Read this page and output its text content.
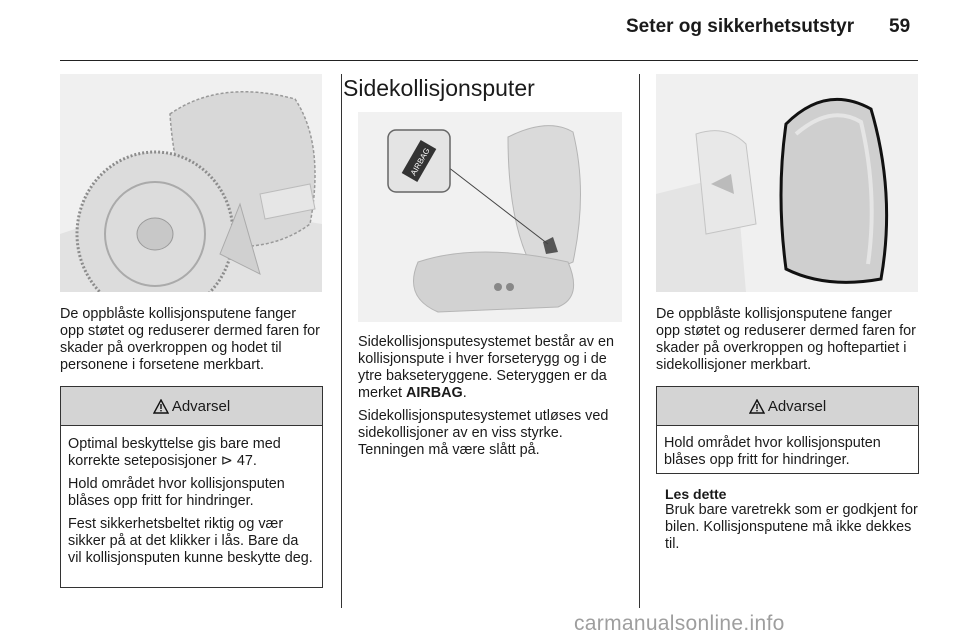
Seter og sikkerhetsutstyr 59

De oppblåste kollisjonsputene fanger opp støtet og reduserer dermed faren for skader på overkroppen og hodet til personene i forsetene merkbart.

Advarsel

Optimal beskyttelse gis bare med korrekte seteposisjoner ⊳ 47.

Hold området hvor kollisjonsputen blåses opp fritt for hindringer.

Fest sikkerhetsbeltet riktig og vær sikker på at det klikker i lås. Bare da vil kollisjonsputen kunne beskytte deg.

Sidekollisjonsputer
AIRBAG

Sidekollisjonsputesystemet består av en kollisjonspute i hver forseterygg og i de ytre bakseteryggene. Seteryggen er da merket AIRBAG.

Sidekollisjonsputesystemet utløses ved sidekollisjoner av en viss styrke. Tenningen må være slått på.

De oppblåste kollisjonsputene fanger opp støtet og reduserer dermed faren for skader på overkroppen og hoftepartiet i sidekollisjoner merkbart.

Advarsel

Hold området hvor kollisjonsputen blåses opp fritt for hindringer.

Les dette

Bruk bare varetrekk som er godkjent for bilen. Kollisjonsputene må ikke dekkes til.

carmanualsonline.info
